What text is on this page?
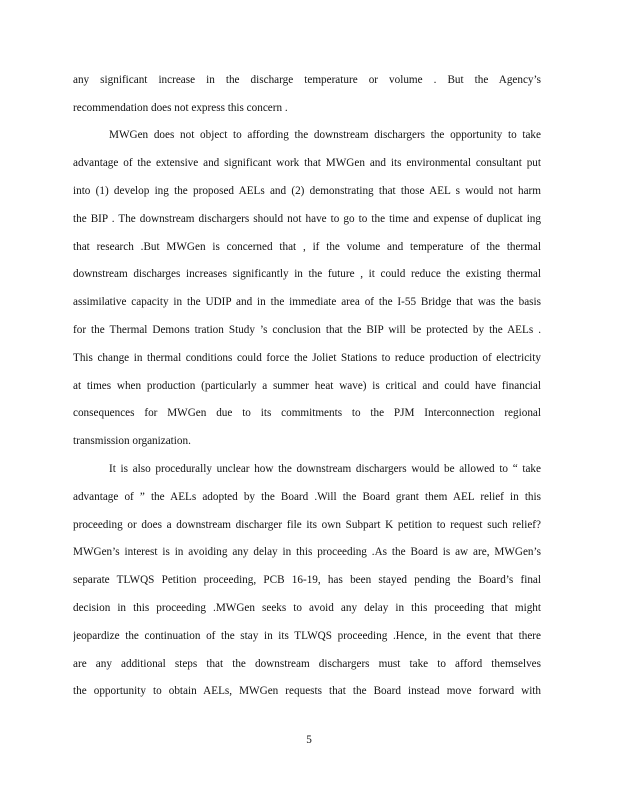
any significant increase in the discharge temperature or volume . But the Agency’s
recommendation does not express this concern .
MWGen does not object to affording the downstream dischargers the opportunity to take
advantage of the extensive and significant work that MWGen and its environmental consultant put
into (1) develop ing the proposed AELs and (2) demonstrating that those AEL s would not harm
the BIP . The downstream dischargers should not have to go to the time and expense of duplicat ing
that research .But MWGen is concerned that , if the volume and temperature of the thermal
downstream discharges increases significantly in the future , it could reduce the existing thermal
assimilative capacity in the UDIP and in the immediate area of the I-55 Bridge that was the basis
for the Thermal Demons tration Study ’s conclusion that the BIP will be protected by the AELs .
This change in thermal conditions could force the Joliet Stations to reduce production of electricity
at times when production (particularly a summer heat wave) is critical and could have financial
consequences for MWGen due to its commitments to the PJM Interconnection regional
transmission organization.
It is also procedurally unclear how the downstream dischargers would be allowed to “ take
advantage of ” the AELs adopted by the Board .Will the Board grant them AEL relief in this
proceeding or does a downstream discharger file its own Subpart K petition to request such relief?
MWGen’s interest is in avoiding any delay in this proceeding .As the Board is aw are, MWGen’s
separate TLWQS Petition proceeding, PCB 16-19, has been stayed pending the Board’s final
decision in this proceeding .MWGen seeks to avoid any delay in this proceeding that might
jeopardize the continuation of the stay in its TLWQS proceeding .Hence, in the event that there
are any additional steps that the downstream dischargers must take to afford themselves
the opportunity to obtain AELs, MWGen requests that the Board instead move forward with
5
